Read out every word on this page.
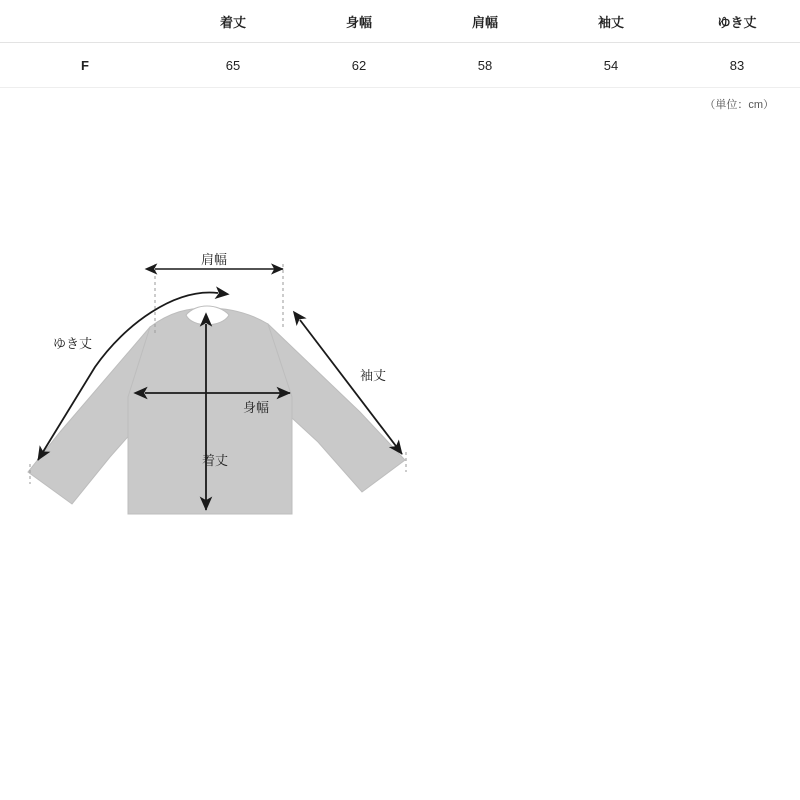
	着丈	身幅	肩幅	袖丈	ゆき丈
F	65	62	58	54	83
（単位：cm）
肩幅
ゆき丈
袖丈
身幅
着丈
